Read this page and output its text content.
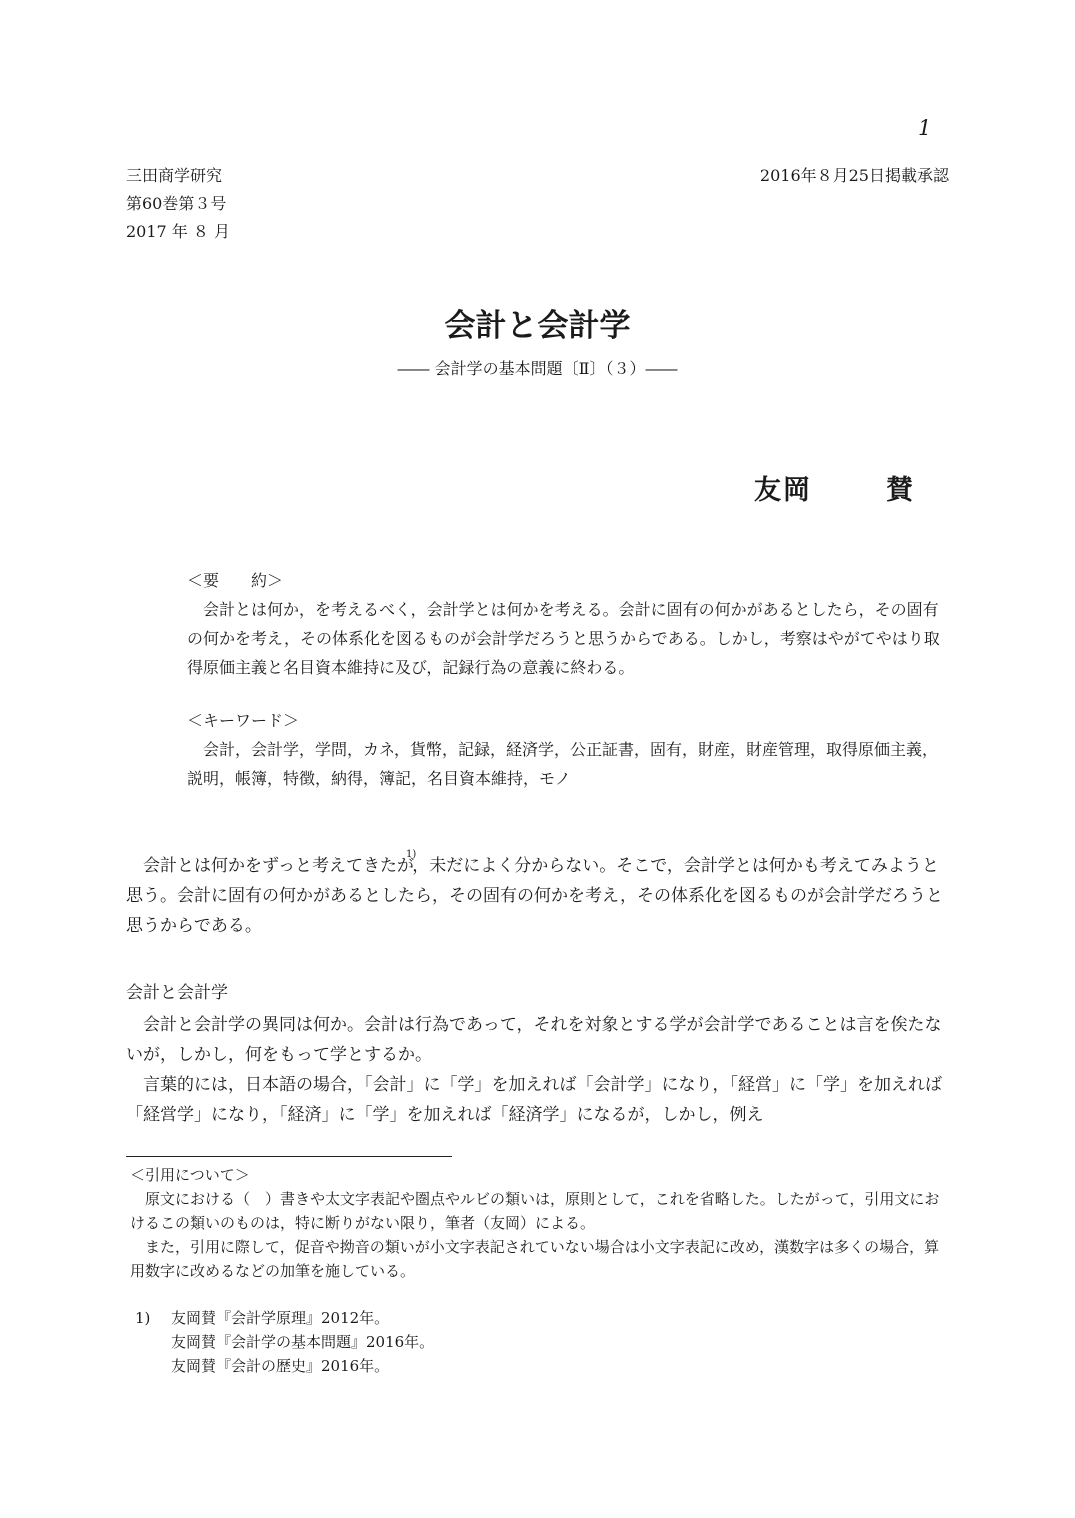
1
三田商学研究
第60巻第３号
2017 年 ８ 月
2016年８月25日掲載承認
会計と会計学
―― 会計学の基本問題〔Ⅱ〕（３）――
友岡	賛
＜要　　約＞
会計とは何か，を考えるべく，会計学とは何かを考える。会計に固有の何かがあるとしたら，その固有の何かを考え，その体系化を図るものが会計学だろうと思うからである。しかし，考察はやがてやはり取得原価主義と名目資本維持に及び，記録行為の意義に終わる。
＜キーワード＞
会計，会計学，学問，カネ，貨幣，記録，経済学，公正証書，固有，財産，財産管理，取得原価主義，説明，帳簿，特徴，納得，簿記，名目資本維持，モノ
会計とは何かをずっと考えてきたが$^{1)}$，未だによく分からない。そこで，会計学とは何かも考えてみようと思う。会計に固有の何かがあるとしたら，その固有の何かを考え，その体系化を図るものが会計学だろうと思うからである。
会計と会計学
会計と会計学の異同は何か。会計は行為であって，それを対象とする学が会計学であることは言を俟たないが，しかし，何をもって学とするか。
言葉的には，日本語の場合，「会計」に「学」を加えれば「会計学」になり，「経営」に「学」を加えれば「経営学」になり，「経済」に「学」を加えれば「経済学」になるが，しかし，例え
＜引用について＞
原文における（　）書きや太文字表記や圏点やルビの類いは，原則として，これを省略した。したがって，引用文におけるこの類いのものは，特に断りがない限り，筆者（友岡）による。
また，引用に際して，促音や拗音の類いが小文字表記されていない場合は小文字表記に改め，漢数字は多くの場合，算用数字に改めるなどの加筆を施している。
1) 友岡賛『会計学原理』2012年。
友岡賛『会計学の基本問題』2016年。
友岡賛『会計の歴史』2016年。
